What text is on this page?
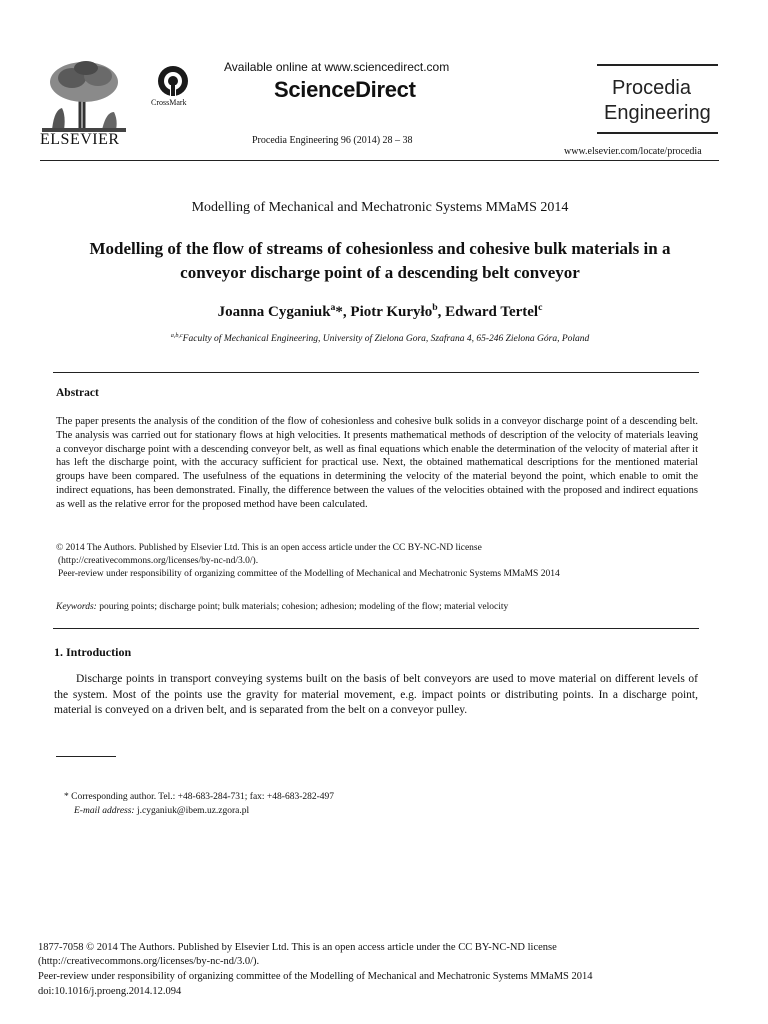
ELSEVIER
CrossMark
Available online at www.sciencedirect.com
ScienceDirect
Procedia Engineering 96 (2014) 28 – 38
Procedia
Engineering
www.elsevier.com/locate/procedia
Modelling of Mechanical and Mechatronic Systems MMaMS 2014
Modelling of the flow of streams of cohesionless and cohesive bulk materials in a
conveyor discharge point of a descending belt conveyor
Joanna Cyganiuk$^a$*, Piotr Kuryło$^b$, Edward Tertel$^c$
$^{a,b,c}$Faculty of Mechanical Engineering, University of Zielona Gora, Szafrana 4, 65-246 Zielona Góra, Poland
Abstract
The paper presents the analysis of the condition of the flow of cohesionless and cohesive bulk solids in a conveyor discharge point of a descending belt. The analysis was carried out for stationary flows at high velocities. It presents mathematical methods of description of the velocity of materials leaving a conveyor discharge point with a descending conveyor belt, as well as final equations which enable the determination of the velocity of material after it has left the discharge point, with the accuracy sufficient for practical use. Next, the obtained mathematical descriptions for the mentioned material groups have been compared. The usefulness of the equations in determining the velocity of the material beyond the point, which enable to omit the indirect equations, has been demonstrated. Finally, the difference between the values of the velocities obtained with the proposed and indirect equations as well as the relative error for the proposed method have been calculated.
© 2014 The Authors. Published by Elsevier Ltd. This is an open access article under the CC BY-NC-ND license
(http://creativecommons.org/licenses/by-nc-nd/3.0/).
Peer-review under responsibility of organizing committee of the Modelling of Mechanical and Mechatronic Systems MMaMS 2014
Keywords: pouring points; discharge point; bulk materials; cohesion; adhesion; modeling of the flow; material velocity
1. Introduction
Discharge points in transport conveying systems built on the basis of belt conveyors are used to move material on different levels of the system. Most of the points use the gravity for material movement, e.g. impact points or distributing points. In a discharge point, material is conveyed on a driven belt, and is separated from the belt on a conveyor pulley.
* Corresponding author. Tel.: +48-683-284-731; fax: +48-683-282-497
E-mail address: j.cyganiuk@ibem.uz.zgora.pl
1877-7058 © 2014 The Authors. Published by Elsevier Ltd. This is an open access article under the CC BY-NC-ND license
(http://creativecommons.org/licenses/by-nc-nd/3.0/).
Peer-review under responsibility of organizing committee of the Modelling of Mechanical and Mechatronic Systems MMaMS 2014
doi:10.1016/j.proeng.2014.12.094
